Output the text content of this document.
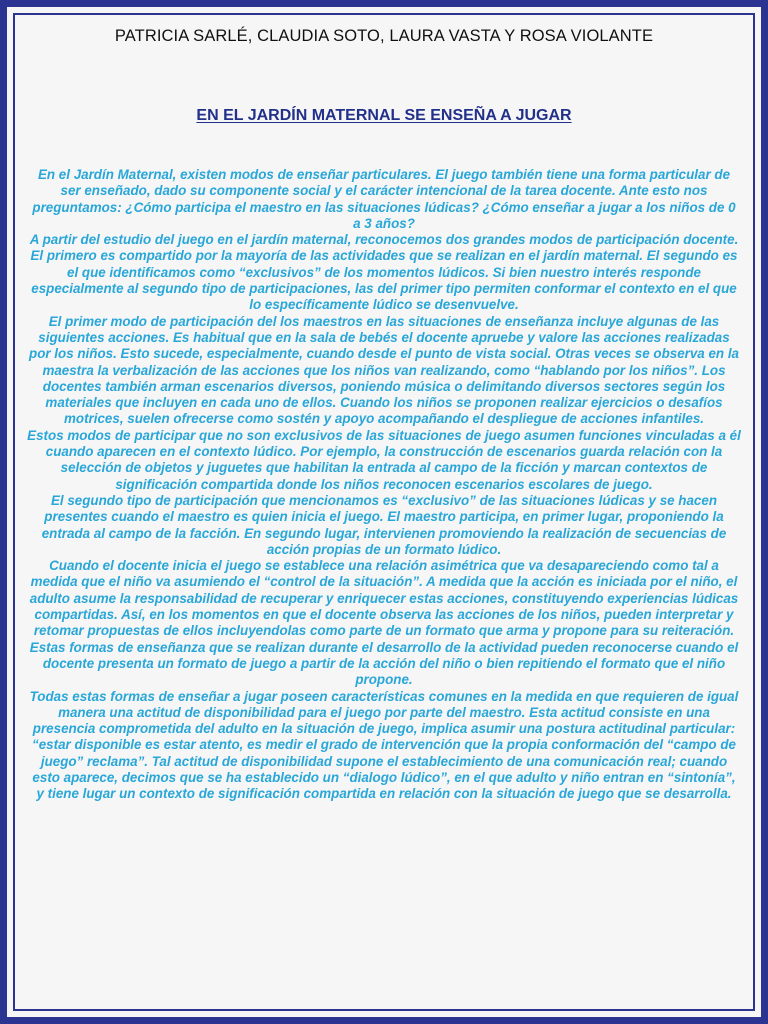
PATRICIA SARLÉ, CLAUDIA SOTO, LAURA VASTA Y ROSA VIOLANTE
EN EL JARDÍN MATERNAL SE ENSEÑA A JUGAR

En el Jardín Maternal, existen modos de enseñar particulares. El juego también tiene una forma particular de ser enseñado, dado su componente social y el carácter intencional de la tarea docente. Ante esto nos preguntamos: ¿Cómo participa el maestro en las situaciones lúdicas? ¿Cómo enseñar a jugar a los niños de 0 a 3 años?

A partir del estudio del juego en el jardín maternal, reconocemos dos grandes modos de participación docente. El primero es compartido por la mayoría de las actividades que se realizan en el jardín maternal. El segundo es el que identificamos como “exclusivos” de los momentos lúdicos. Si bien nuestro interés responde especialmente al segundo tipo de participaciones, las del primer tipo permiten conformar el contexto en el que lo específicamente lúdico se desenvuelve.

El primer modo de participación del los maestros en las situaciones de enseñanza incluye algunas de las siguientes acciones. Es habitual que en la sala de bebés el docente apruebe y valore las acciones realizadas por los niños. Esto sucede, especialmente, cuando desde el punto de vista social. Otras veces se observa en la maestra la verbalización de las acciones que los niños van realizando, como “hablando por los niños”. Los docentes también arman escenarios diversos, poniendo música o delimitando diversos sectores según los materiales que incluyen en cada uno de ellos. Cuando los niños se proponen realizar ejercicios o desafíos motrices, suelen ofrecerse como sostén y apoyo acompañando el despliegue de acciones infantiles.

Estos modos de participar que no son exclusivos de las situaciones de juego asumen funciones vinculadas a él cuando aparecen en el contexto lúdico. Por ejemplo, la construcción de escenarios guarda relación con la selección de objetos y juguetes que habilitan la entrada al campo de la ficción y marcan contextos de significación compartida donde los niños reconocen escenarios escolares de juego.

El segundo tipo de participación que mencionamos es “exclusivo” de las situaciones lúdicas y se hacen presentes cuando el maestro es quien inicia el juego. El maestro participa, en primer lugar, proponiendo la entrada al campo de la facción. En segundo lugar, intervienen promoviendo la realización de secuencias de acción propias de un formato lúdico.

Cuando el docente inicia el juego se establece una relación asimétrica que va desapareciendo como tal a medida que el niño va asumiendo el “control de la situación”. A medida que la acción es iniciada por el niño, el adulto asume la responsabilidad de recuperar y enriquecer estas acciones, constituyendo experiencias lúdicas compartidas. Así, en los momentos en que el docente observa las acciones de los niños, pueden interpretar y retomar propuestas de ellos incluyendolas como parte de un formato que arma y propone para su reiteración. Estas formas de enseñanza que se realizan durante el desarrollo de la actividad pueden reconocerse cuando el docente presenta un formato de juego a partir de la acción del niño o bien repitiendo el formato que el niño propone.

Todas estas formas de enseñar a jugar poseen características comunes en la medida en que requieren de igual manera una actitud de disponibilidad para el juego por parte del maestro. Esta actitud consiste en una presencia comprometida del adulto en la situación de juego, implica asumir una postura actitudinal particular: “estar disponible es estar atento, es medir el grado de intervención que la propia conformación del “campo de juego” reclama”. Tal actitud de disponibilidad supone el establecimiento de una comunicación real; cuando esto aparece, decimos que se ha establecido un “dialogo lúdico”, en el que adulto y niño entran en “sintonía”, y tiene lugar un contexto de significación compartida en relación con la situación de juego que se desarrolla.
